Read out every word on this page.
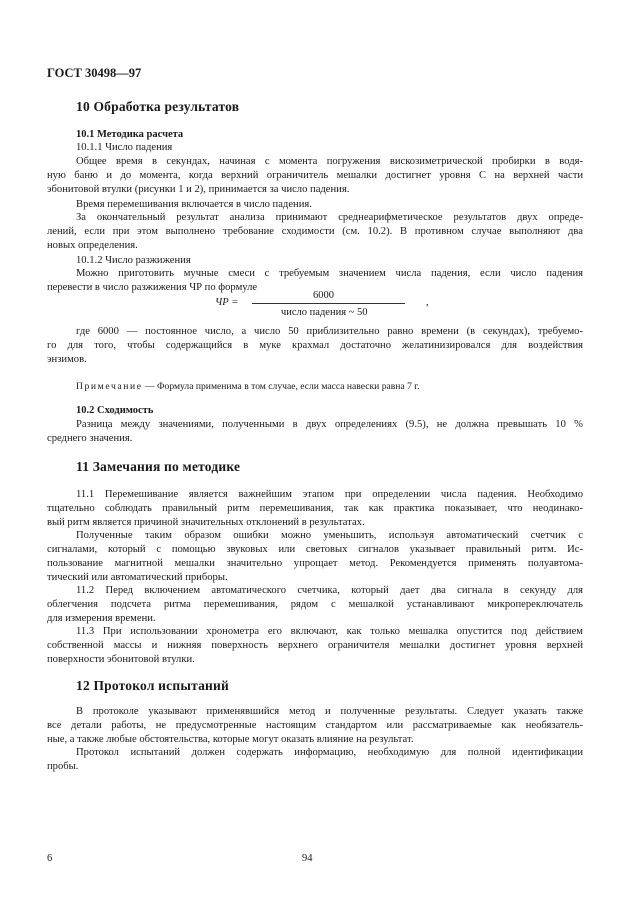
ГОСТ 30498—97
10 Обработка результатов
10.1 Методика расчета
10.1.1 Число падения
Общее время в секундах, начиная с момента погружения вискозиметрической пробирки в водя-
ную баню и до момента, когда верхний ограничитель мешалки достигнет уровня С на верхней части
эбонитовой втулки (рисунки 1 и 2), принимается за число падения.
Время перемешивания включается в число падения.
За окончательный результат анализа принимают среднеарифметическое результатов двух опреде-
лений, если при этом выполнено требование сходимости (см. 10.2). В противном случае выполняют два
новых определения.
10.1.2 Число разжижения
Можно приготовить мучные смеси с требуемым значением числа падения, если число падения
перевести в число разжижения ЧР по формуле
ЧР =
6000
число падения ~ 50
,
где 6000 — постоянное число, а число 50 приблизительно равно времени (в секундах), требуемо-
го для того, чтобы содержащийся в муке крахмал достаточно желатинизировался для воздействия
энзимов.
Примечание — Формула применима в том случае, если масса навески равна 7 г.
10.2 Сходимость
Разница между значениями, полученными в двух определениях (9.5), не должна превышать 10 %
среднего значения.
11 Замечания по методике
11.1 Перемешивание является важнейшим этапом при определении числа падения. Необходимо
тщательно соблюдать правильный ритм перемешивания, так как практика показывает, что неодинако-
вый ритм является причиной значительных отклонений в результатах.
Полученные таким образом ошибки можно уменьшить, используя автоматический счетчик с
сигналами, который с помощью звуковых или световых сигналов указывает правильный ритм. Ис-
пользование магнитной мешалки значительно упрощает метод. Рекомендуется применять полуавтома-
тический или автоматический приборы.
11.2 Перед включением автоматического счетчика, который дает два сигнала в секунду для
облегчения подсчета ритма перемешивания, рядом с мешалкой устанавливают микропереключатель
для измерения времени.
11.3 При использовании хронометра его включают, как только мешалка опустится под действием
собственной массы и нижняя поверхность верхнего ограничителя мешалки достигнет уровня верхней
поверхности эбонитовой втулки.
12 Протокол испытаний
В протоколе указывают применявшийся метод и полученные результаты. Следует указать также
все детали работы, не предусмотренные настоящим стандартом или рассматриваемые как необязатель-
ные, а также любые обстоятельства, которые могут оказать влияние на результат.
Протокол испытаний должен содержать информацию, необходимую для полной идентификации
пробы.
6	94
